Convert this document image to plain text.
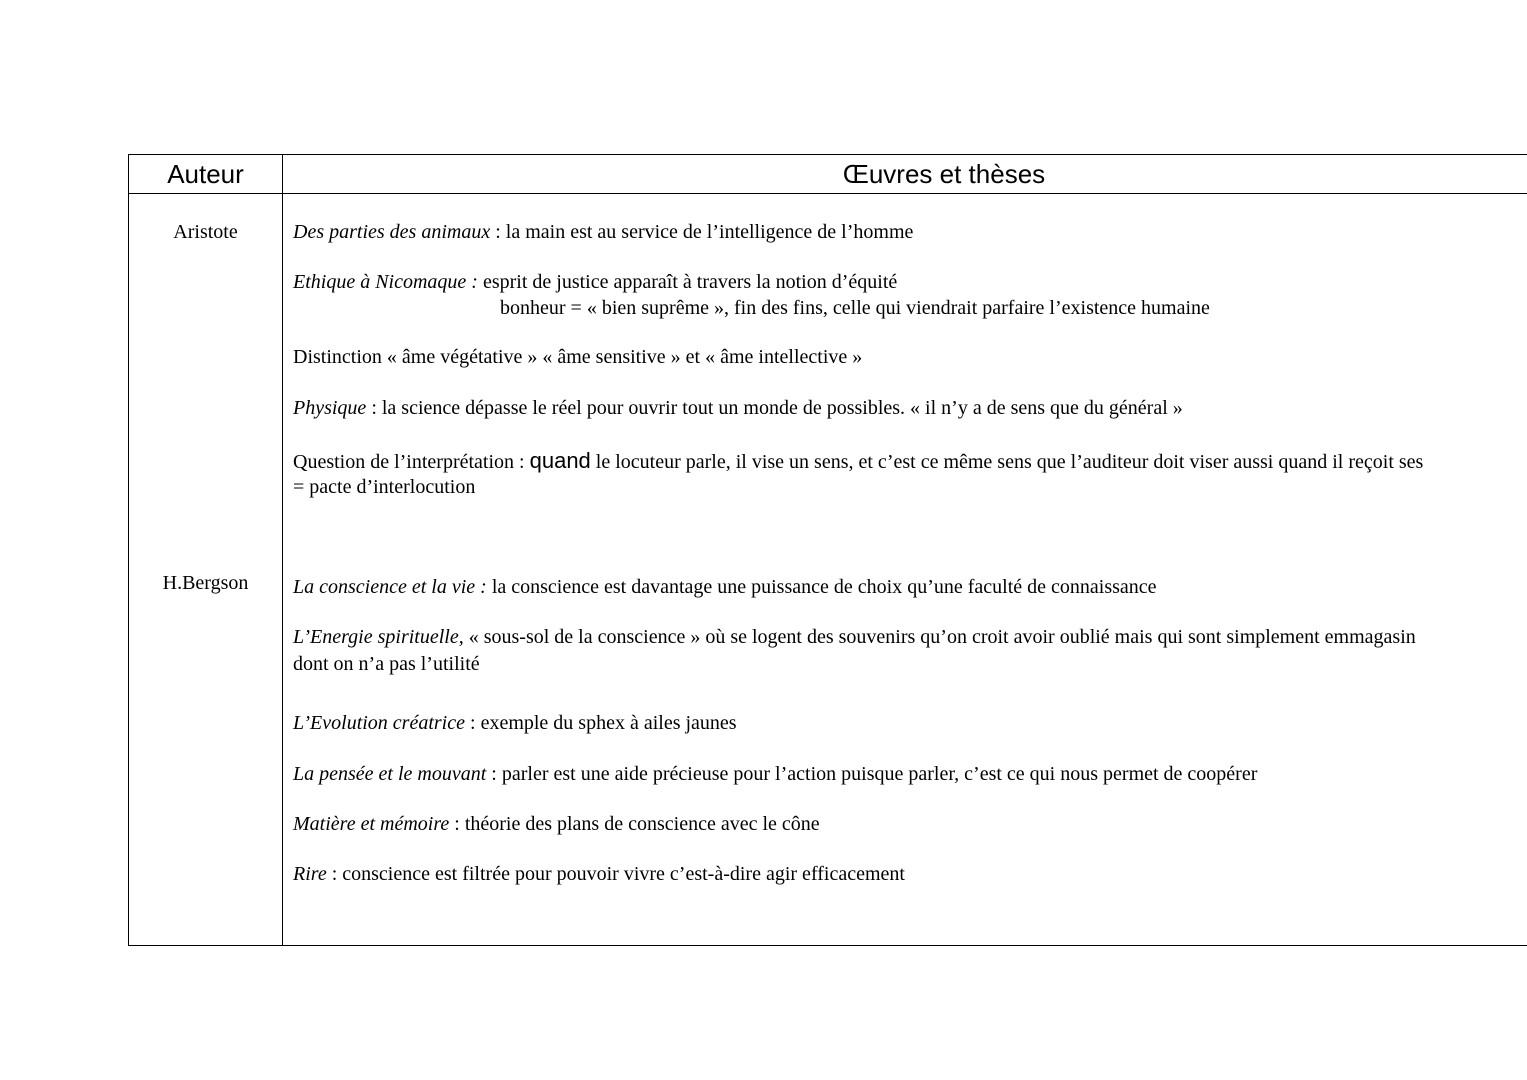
Auteur	Œuvres et thèses
Aristote	Des parties des animaux : la main est au service de l’intelligence de l’homme
Ethique à Nicomaque : esprit de justice apparaît à travers la notion d’équité
bonheur = « bien suprême », fin des fins, celle qui viendrait parfaire l’existence humaine
Distinction « âme végétative » « âme sensitive » et « âme intellective »
Physique : la science dépasse le réel pour ouvrir tout un monde de possibles. « il n’y a de sens que du général »
Question de l’interprétation : quand le locuteur parle, il vise un sens, et c’est ce même sens que l’auditeur doit viser aussi quand il reçoit ses
= pacte d’interlocution
H.Bergson	La conscience et la vie : la conscience est davantage une puissance de choix qu’une faculté de connaissance
L’Energie spirituelle, « sous-sol de la conscience » où se logent des souvenirs qu’on croit avoir oublié mais qui sont simplement emmagasin
dont on n’a pas l’utilité
L’Evolution créatrice : exemple du sphex à ailes jaunes
La pensée et le mouvant : parler est une aide précieuse pour l’action puisque parler, c’est ce qui nous permet de coopérer
Matière et mémoire : théorie des plans de conscience avec le cône
Rire : conscience est filtrée pour pouvoir vivre c’est-à-dire agir efficacement
